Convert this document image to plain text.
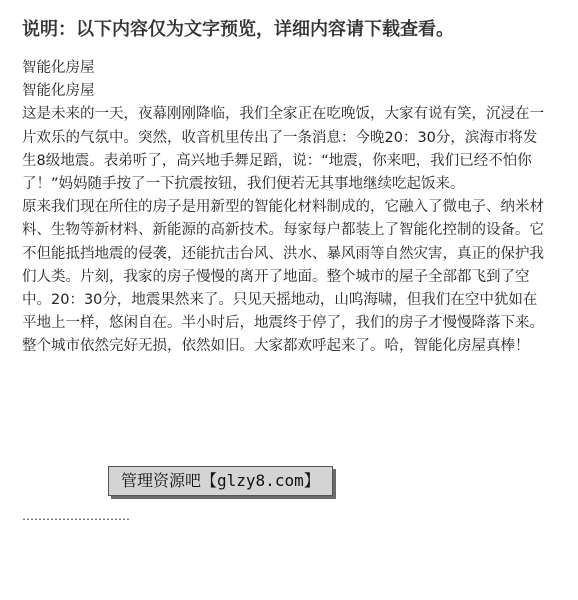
说明：以下内容仅为文字预览，详细内容请下载查看。

智能化房屋

智能化房屋

这是未来的一天，夜幕刚刚降临，我们全家正在吃晚饭，大家有说有笑，沉浸在一片欢乐的气氛中。突然，收音机里传出了一条消息：今晚20：30分，滨海市将发生8级地震。表弟听了，高兴地手舞足蹈，说：“地震，你来吧，我们已经不怕你了！”妈妈随手按了一下抗震按钮，我们便若无其事地继续吃起饭来。

原来我们现在所住的房子是用新型的智能化材料制成的，它融入了微电子、纳米材料、生物等新材料、新能源的高新技术。每家每户都装上了智能化控制的设备。它不但能抵挡地震的侵袭，还能抗击台风、洪水、暴风雨等自然灾害，真正的保护我们人类。片刻，我家的房子慢慢的离开了地面。整个城市的屋子全部都飞到了空中。20：30分，地震果然来了。只见天摇地动，山呜海啸，但我们在空中犹如在平地上一样，悠闲自在。半小时后，地震终于停了，我们的房子才慢慢降落下来。整个城市依然完好无损，依然如旧。大家都欢呼起来了。哈，智能化房屋真棒！

………………………
管理资源吧【glzy8.com】
